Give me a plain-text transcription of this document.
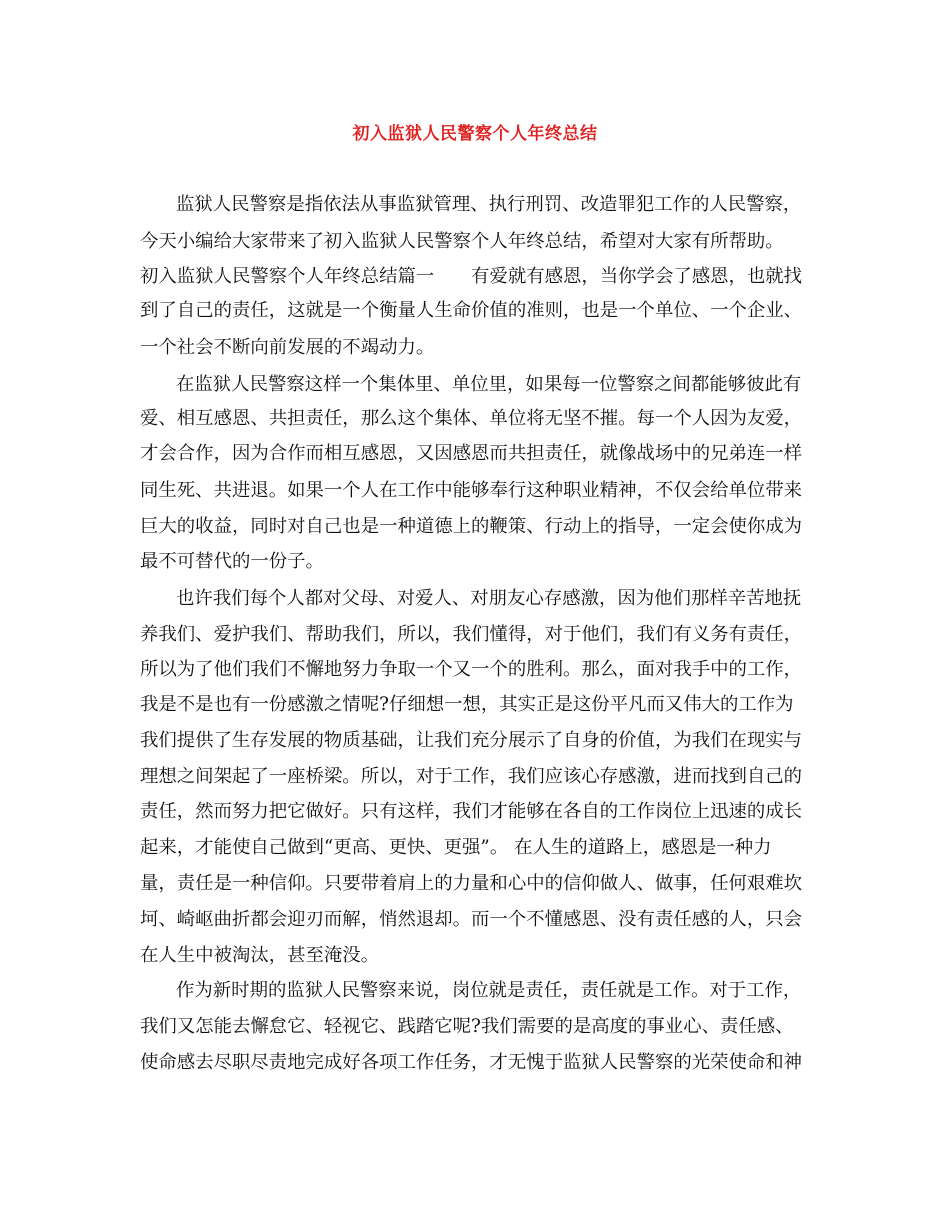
初入监狱人民警察个人年终总结
监狱人民警察是指依法从事监狱管理、执行刑罚、改造罪犯工作的人民警察，
今天小编给大家带来了初入监狱人民警察个人年终总结，希望对大家有所帮助。
初入监狱人民警察个人年终总结篇一　　有爱就有感恩，当你学会了感恩，也就找
到了自己的责任，这就是一个衡量人生命价值的准则，也是一个单位、一个企业、
一个社会不断向前发展的不竭动力。
在监狱人民警察这样一个集体里、单位里，如果每一位警察之间都能够彼此有
爱、相互感恩、共担责任，那么这个集体、单位将无坚不摧。每一个人因为友爱，
才会合作，因为合作而相互感恩，又因感恩而共担责任，就像战场中的兄弟连一样
同生死、共进退。如果一个人在工作中能够奉行这种职业精神，不仅会给单位带来
巨大的收益，同时对自己也是一种道德上的鞭策、行动上的指导，一定会使你成为
最不可替代的一份子。
也许我们每个人都对父母、对爱人、对朋友心存感激，因为他们那样辛苦地抚
养我们、爱护我们、帮助我们，所以，我们懂得，对于他们，我们有义务有责任，
所以为了他们我们不懈地努力争取一个又一个的胜利。那么，面对我手中的工作，
我是不是也有一份感激之情呢?仔细想一想，其实正是这份平凡而又伟大的工作为
我们提供了生存发展的物质基础，让我们充分展示了自身的价值，为我们在现实与
理想之间架起了一座桥梁。所以，对于工作，我们应该心存感激，进而找到自己的
责任，然而努力把它做好。只有这样，我们才能够在各自的工作岗位上迅速的成长
起来，才能使自己做到“更高、更快、更强”。 在人生的道路上，感恩是一种力
量，责任是一种信仰。只要带着肩上的力量和心中的信仰做人、做事，任何艰难坎
坷、崎岖曲折都会迎刃而解，悄然退却。而一个不懂感恩、没有责任感的人，只会
在人生中被淘汰，甚至淹没。
作为新时期的监狱人民警察来说，岗位就是责任，责任就是工作。对于工作，
我们又怎能去懈怠它、轻视它、践踏它呢?我们需要的是高度的事业心、责任感、
使命感去尽职尽责地完成好各项工作任务，才无愧于监狱人民警察的光荣使命和神
